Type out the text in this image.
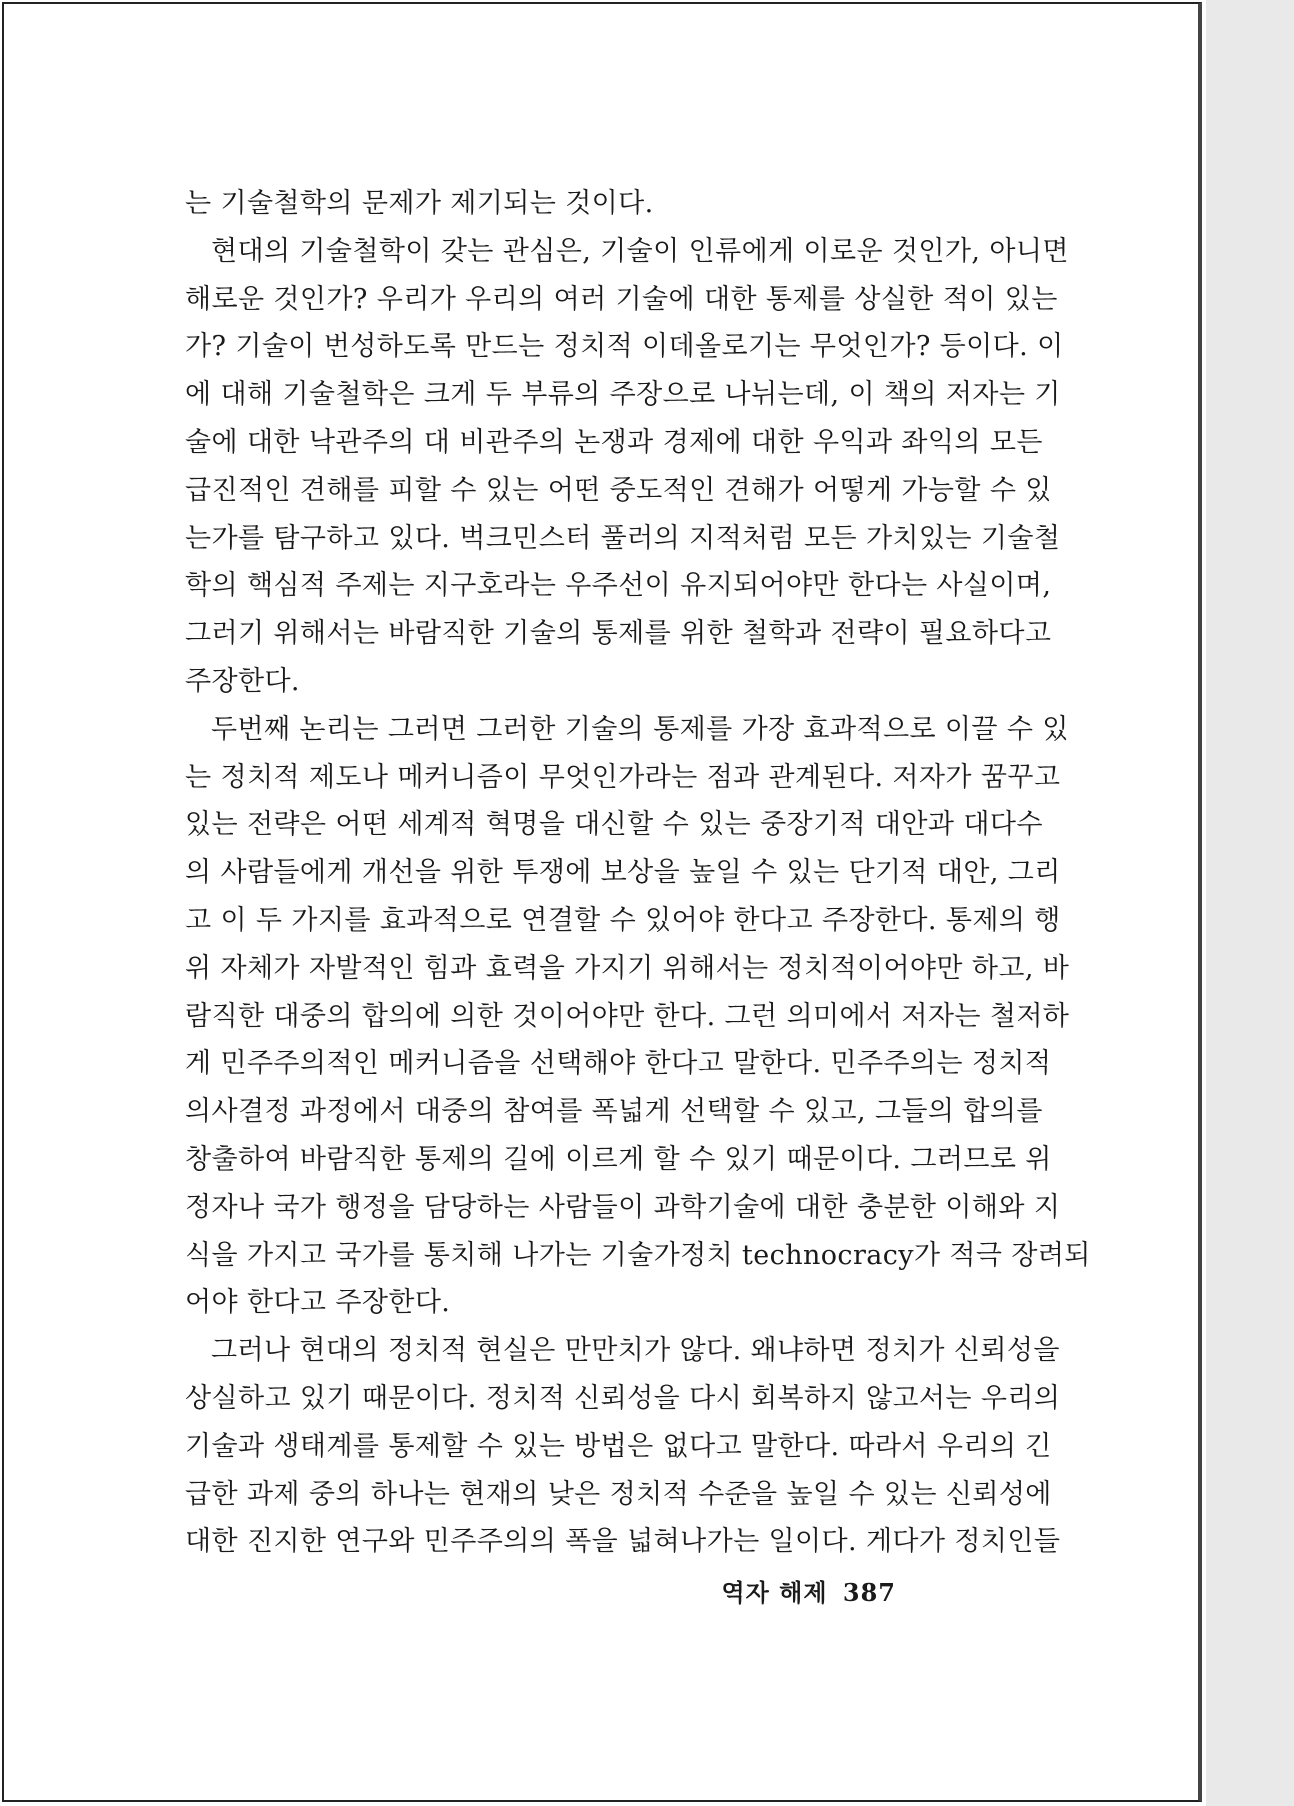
는 기술철학의 문제가 제기되는 것이다.
현대의 기술철학이 갖는 관심은, 기술이 인류에게 이로운 것인가, 아니면
해로운 것인가? 우리가 우리의 여러 기술에 대한 통제를 상실한 적이 있는
가? 기술이 번성하도록 만드는 정치적 이데올로기는 무엇인가? 등이다. 이
에 대해 기술철학은 크게 두 부류의 주장으로 나뉘는데, 이 책의 저자는 기
술에 대한 낙관주의 대 비관주의 논쟁과 경제에 대한 우익과 좌익의 모든
급진적인 견해를 피할 수 있는 어떤 중도적인 견해가 어떻게 가능할 수 있
는가를 탐구하고 있다. 벅크민스터 풀러의 지적처럼 모든 가치있는 기술철
학의 핵심적 주제는 지구호라는 우주선이 유지되어야만 한다는 사실이며,
그러기 위해서는 바람직한 기술의 통제를 위한 철학과 전략이 필요하다고
주장한다.
두번째 논리는 그러면 그러한 기술의 통제를 가장 효과적으로 이끌 수 있
는 정치적 제도나 메커니즘이 무엇인가라는 점과 관계된다. 저자가 꿈꾸고
있는 전략은 어떤 세계적 혁명을 대신할 수 있는 중장기적 대안과 대다수
의 사람들에게 개선을 위한 투쟁에 보상을 높일 수 있는 단기적 대안, 그리
고 이 두 가지를 효과적으로 연결할 수 있어야 한다고 주장한다. 통제의 행
위 자체가 자발적인 힘과 효력을 가지기 위해서는 정치적이어야만 하고, 바
람직한 대중의 합의에 의한 것이어야만 한다. 그런 의미에서 저자는 철저하
게 민주주의적인 메커니즘을 선택해야 한다고 말한다. 민주주의는 정치적
의사결정 과정에서 대중의 참여를 폭넓게 선택할 수 있고, 그들의 합의를
창출하여 바람직한 통제의 길에 이르게 할 수 있기 때문이다. 그러므로 위
정자나 국가 행정을 담당하는 사람들이 과학기술에 대한 충분한 이해와 지
식을 가지고 국가를 통치해 나가는 기술가정치 technocracy가 적극 장려되
어야 한다고 주장한다.
그러나 현대의 정치적 현실은 만만치가 않다. 왜냐하면 정치가 신뢰성을
상실하고 있기 때문이다. 정치적 신뢰성을 다시 회복하지 않고서는 우리의
기술과 생태계를 통제할 수 있는 방법은 없다고 말한다. 따라서 우리의 긴
급한 과제 중의 하나는 현재의 낮은 정치적 수준을 높일 수 있는 신뢰성에
대한 진지한 연구와 민주주의의 폭을 넓혀나가는 일이다. 게다가 정치인들
역자 해제 387
